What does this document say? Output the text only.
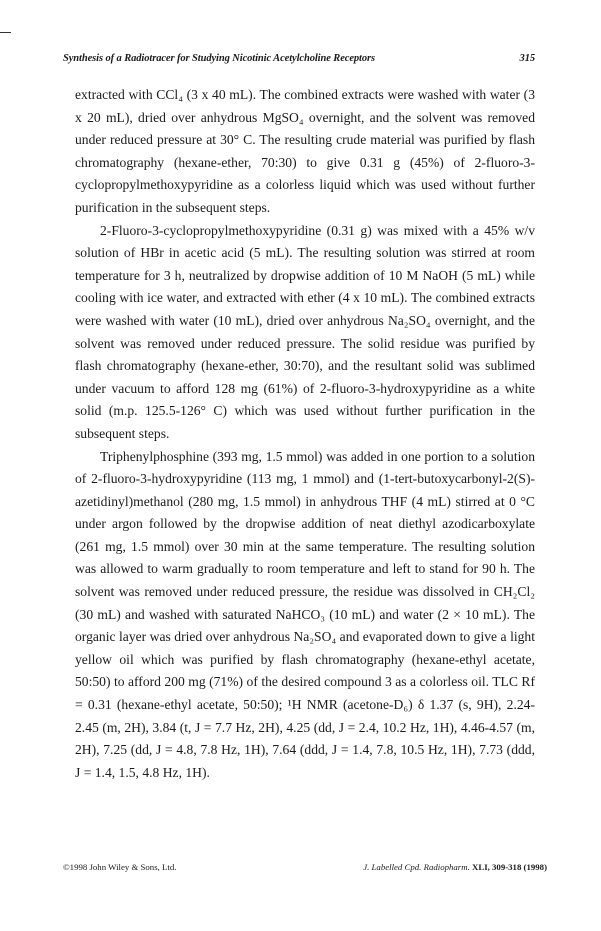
Synthesis of a Radiotracer for Studying Nicotinic Acetylcholine Receptors	315

extracted with CCl₄ (3 x 40 mL). The combined extracts were washed with water (3 x 20 mL), dried over anhydrous MgSO₄ overnight, and the solvent was removed under reduced pressure at 30° C. The resulting crude material was purified by flash chromatography (hexane-ether, 70:30) to give 0.31 g (45%) of 2-fluoro-3-cyclopropylmethoxypyridine as a colorless liquid which was used without further purification in the subsequent steps.

2-Fluoro-3-cyclopropylmethoxypyridine (0.31 g) was mixed with a 45% w/v solution of HBr in acetic acid (5 mL). The resulting solution was stirred at room temperature for 3 h, neutralized by dropwise addition of 10 M NaOH (5 mL) while cooling with ice water, and extracted with ether (4 x 10 mL). The combined extracts were washed with water (10 mL), dried over anhydrous Na₂SO₄ overnight, and the solvent was removed under reduced pressure. The solid residue was purified by flash chromatography (hexane-ether, 30:70), and the resultant solid was sublimed under vacuum to afford 128 mg (61%) of 2-fluoro-3-hydroxypyridine as a white solid (m.p. 125.5-126° C) which was used without further purification in the subsequent steps.

Triphenylphosphine (393 mg, 1.5 mmol) was added in one portion to a solution of 2-fluoro-3-hydroxypyridine (113 mg, 1 mmol) and (1-tert-butoxycarbonyl-2(S)-azetidinyl)methanol (280 mg, 1.5 mmol) in anhydrous THF (4 mL) stirred at 0 °C under argon followed by the dropwise addition of neat diethyl azodicarboxylate (261 mg, 1.5 mmol) over 30 min at the same temperature. The resulting solution was allowed to warm gradually to room temperature and left to stand for 90 h. The solvent was removed under reduced pressure, the residue was dissolved in CH₂Cl₂ (30 mL) and washed with saturated NaHCO₃ (10 mL) and water (2 × 10 mL). The organic layer was dried over anhydrous Na₂SO₄ and evaporated down to give a light yellow oil which was purified by flash chromatography (hexane-ethyl acetate, 50:50) to afford 200 mg (71%) of the desired compound 3 as a colorless oil. TLC Rf = 0.31 (hexane-ethyl acetate, 50:50); ¹H NMR (acetone-D₆) δ 1.37 (s, 9H), 2.24-2.45 (m, 2H), 3.84 (t, J = 7.7 Hz, 2H), 4.25 (dd, J = 2.4, 10.2 Hz, 1H), 4.46-4.57 (m, 2H), 7.25 (dd, J = 4.8, 7.8 Hz, 1H), 7.64 (ddd, J = 1.4, 7.8, 10.5 Hz, 1H), 7.73 (ddd, J = 1.4, 1.5, 4.8 Hz, 1H).

©1998 John Wiley & Sons, Ltd.	J. Labelled Cpd. Radiopharm. XLI, 309-318 (1998)
